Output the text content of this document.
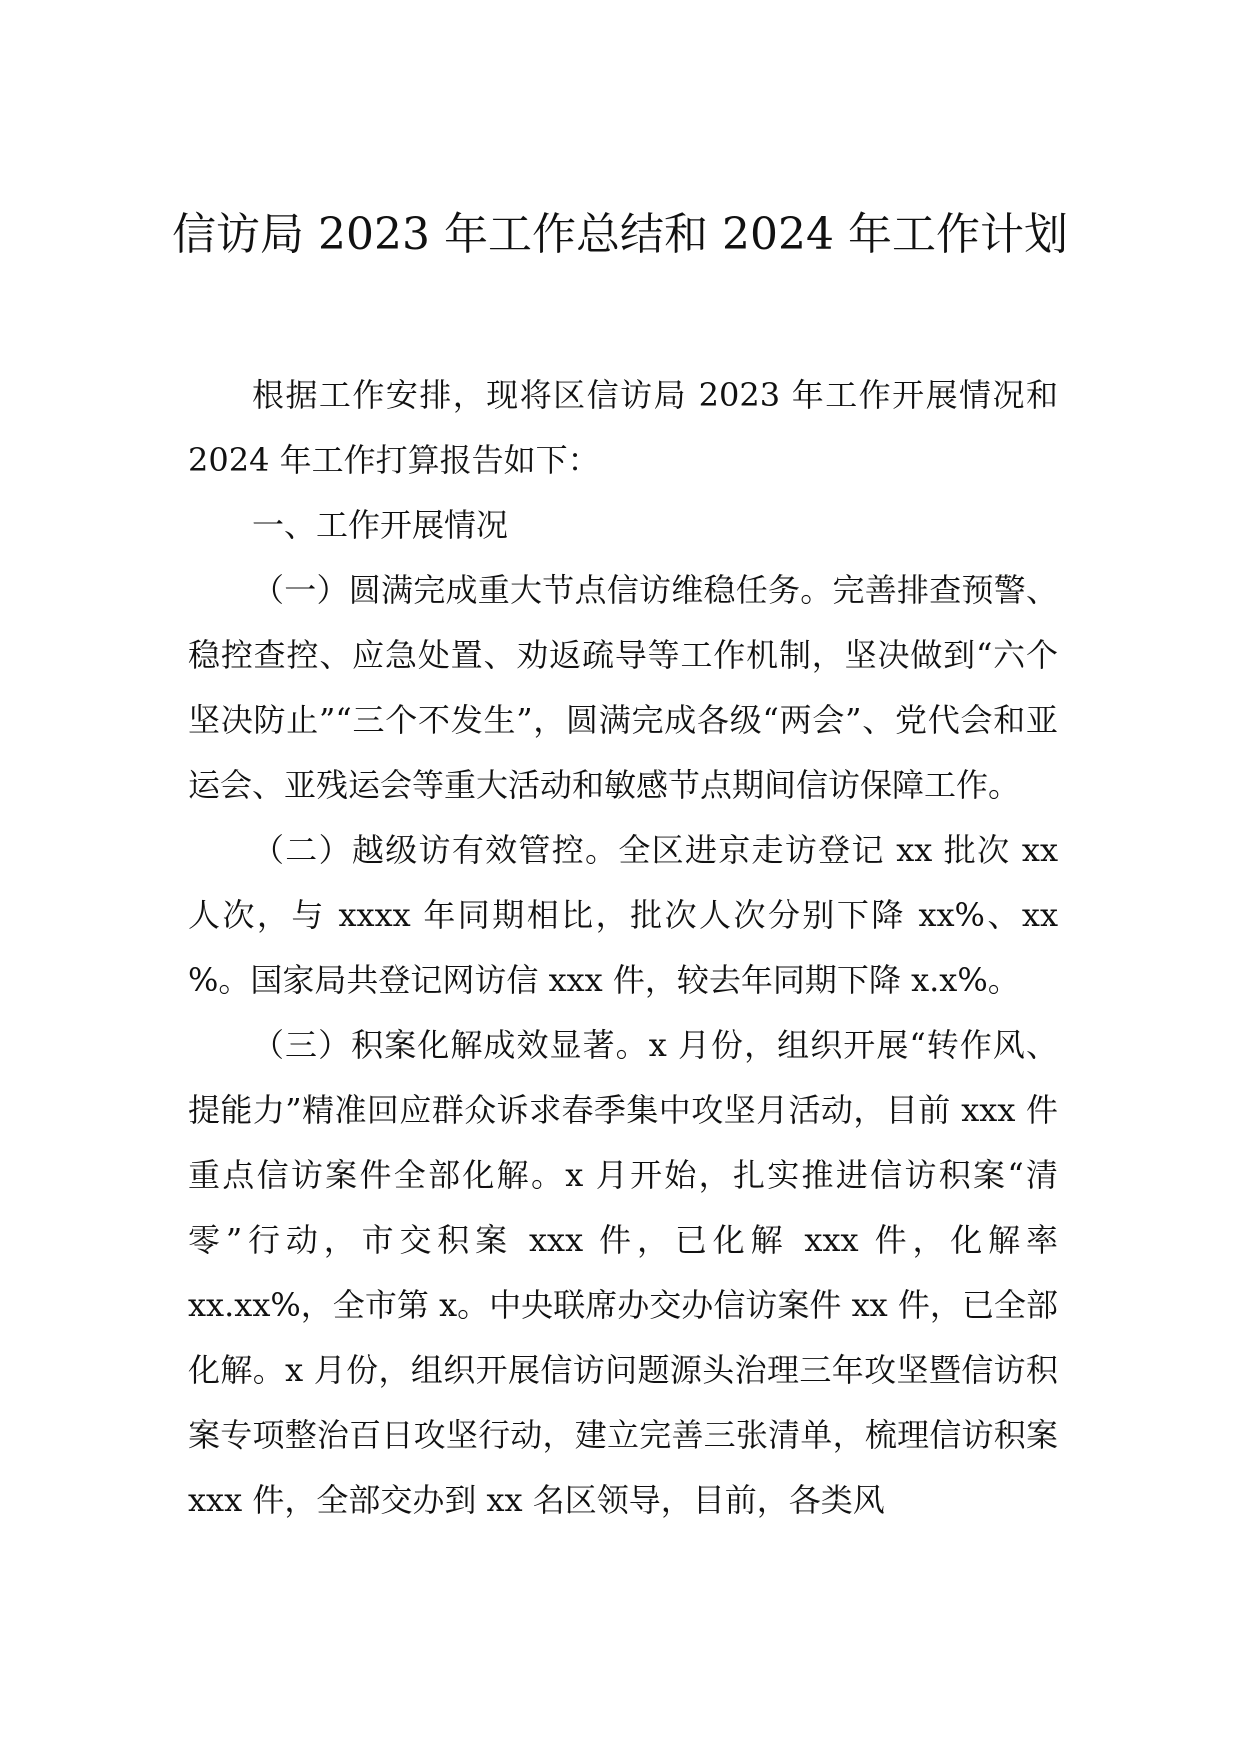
信访局 2023 年工作总结和 2024 年工作计划

根据工作安排，现将区信访局 2023 年工作开展情况和 2024 年工作打算报告如下：

一、工作开展情况

（一）圆满完成重大节点信访维稳任务。完善排查预警、稳控查控、应急处置、劝返疏导等工作机制，坚决做到“六个坚决防止”“三个不发生”，圆满完成各级“两会”、党代会和亚运会、亚残运会等重大活动和敏感节点期间信访保障工作。

（二）越级访有效管控。全区进京走访登记 xx 批次 xx 人次，与 xxxx 年同期相比，批次人次分别下降 xx%、xx %。国家局共登记网访信 xxx 件，较去年同期下降 x.x%。

（三）积案化解成效显著。x 月份，组织开展“转作风、提能力”精准回应群众诉求春季集中攻坚月活动，目前 xxx 件重点信访案件全部化解。x 月开始，扎实推进信访积案“清零”行动，市交积案 xxx 件，已化解 xxx 件，化解率 xx.xx%，全市第 x。中央联席办交办信访案件 xx 件，已全部化解。x 月份，组织开展信访问题源头治理三年攻坚暨信访积案专项整治百日攻坚行动，建立完善三张清单，梳理信访积案 xxx 件，全部交办到 xx 名区领导，目前，各类风
